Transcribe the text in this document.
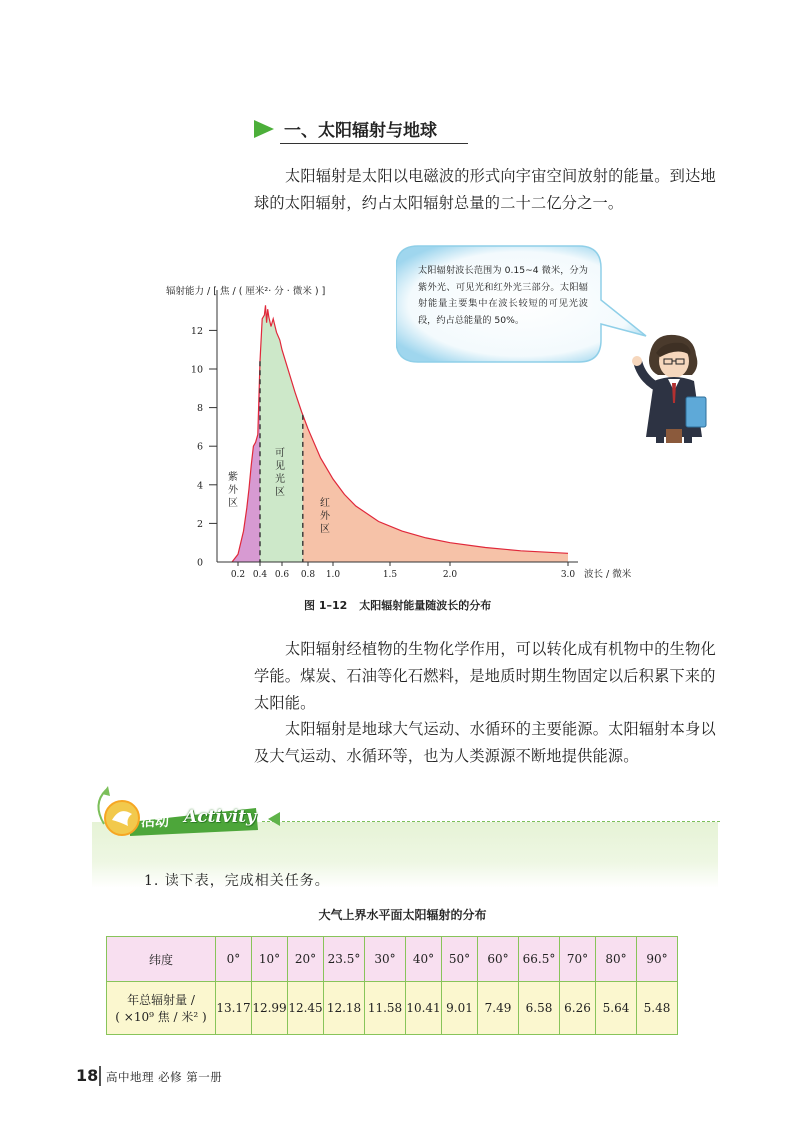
一、太阳辐射与地球
太阳辐射是太阳以电磁波的形式向宇宙空间放射的能量。到达地球的太阳辐射，约占太阳辐射总量的二十二亿分之一。
0
2
4
6
8
10
12
0.2 0.4 0.6 0.8 1.0	1.5	2.0	3.0
辐射能力 / [ 焦 / ( 厘米²· 分 · 微米 ) ]
波长 / 微米
紫
外
区
可
见
光
区
红
外
区
图 1–12 太阳辐射能量随波长的分布
太阳辐射波长范围为 0.15~4 微米，分为紫外光、可见光和红外光三部分。太阳辐射能量主要集中在波长较短的可见光波段，约占总能量的 50%。
太阳辐射经植物的生物化学作用，可以转化成有机物中的生物化学能。煤炭、石油等化石燃料，是地质时期生物固定以后积累下来的太阳能。
太阳辐射是地球大气运动、水循环的主要能源。太阳辐射本身以及大气运动、水循环等，也为人类源源不断地提供能源。
活动 Activity
1. 读下表，完成相关任务。
大气上界水平面太阳辐射的分布
纬度	0°	10°	20°	23.5°	30°	40°	50°	60°	66.5°	70°	80°	90°

年总辐射量 /
( ×10⁹ 焦 / 米² )	13.17	12.99	12.45	12.18	11.58	10.41	9.01	7.49	6.58	6.26	5.64	5.48
18 高中地理 必修 第一册
